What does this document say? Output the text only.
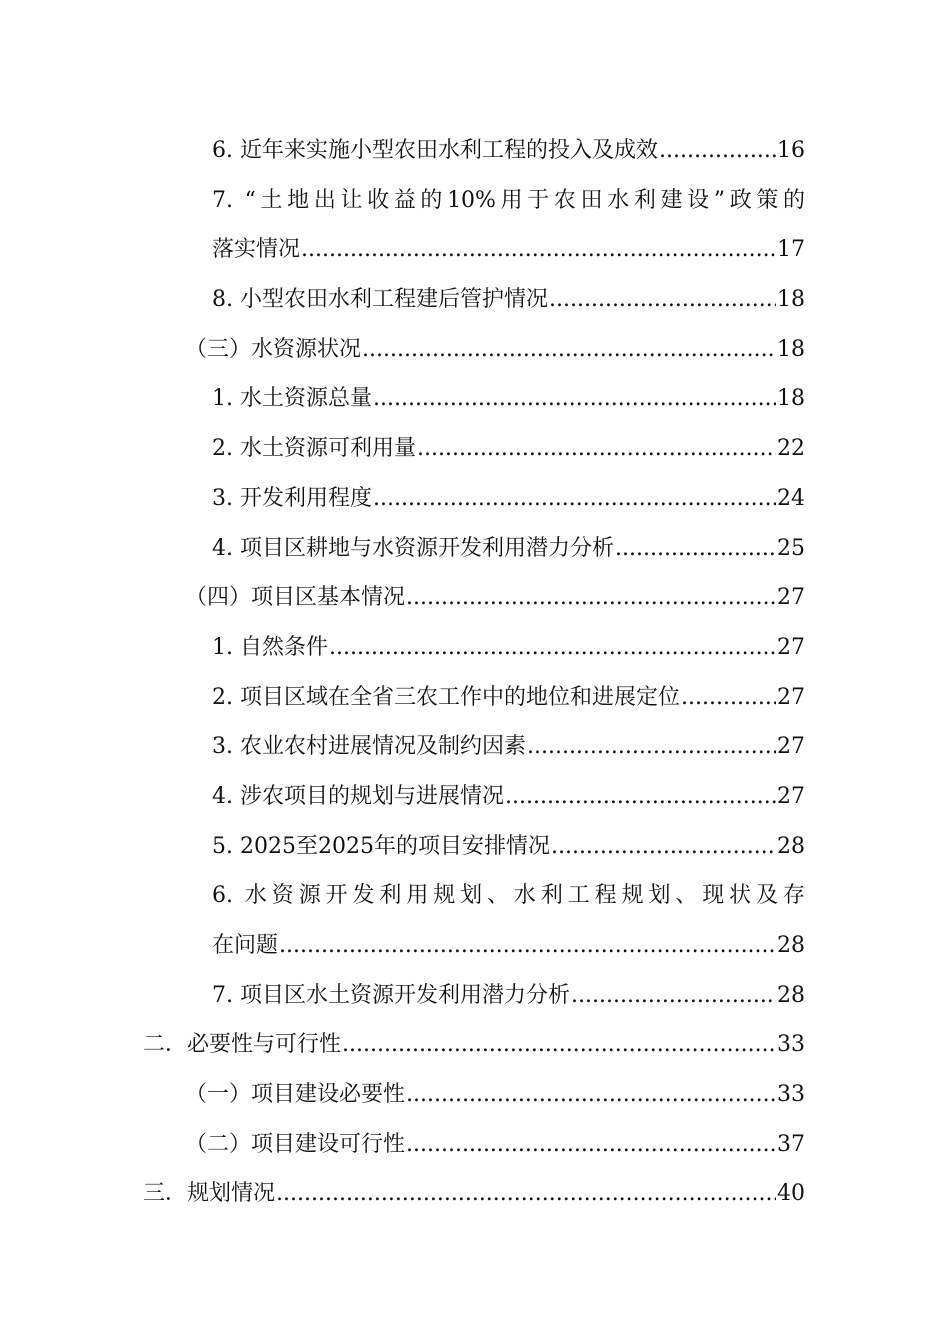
6. 近年来实施小型农田水利工程的投入及成效 .....	16
7. “土地出让收益的10%用于农田水利建设”政策的
落实情况 .....	17
8. 小型农田水利工程建后管护情况 .....	18
（三）水资源状况 .....	18
1. 水土资源总量 .....	18
2. 水土资源可利用量 .....	22
3. 开发利用程度 .....	24
4. 项目区耕地与水资源开发利用潜力分析 .....	25
（四）项目区基本情况 .....	27
1. 自然条件 .....	27
2. 项目区域在全省三农工作中的地位和进展定位 .....	27
3. 农业农村进展情况及制约因素 .....	27
4. 涉农项目的规划与进展情况 .....	27
5. 2025至2025年的项目安排情况 .....	28
6. 水资源开发利用规划、水利工程规划、现状及存
在问题 .....	28
7. 项目区水土资源开发利用潜力分析 .....	28
二．必要性与可行性 .....	33
（一）项目建设必要性 .....	33
（二）项目建设可行性 .....	37
三．规划情况 .....	40
